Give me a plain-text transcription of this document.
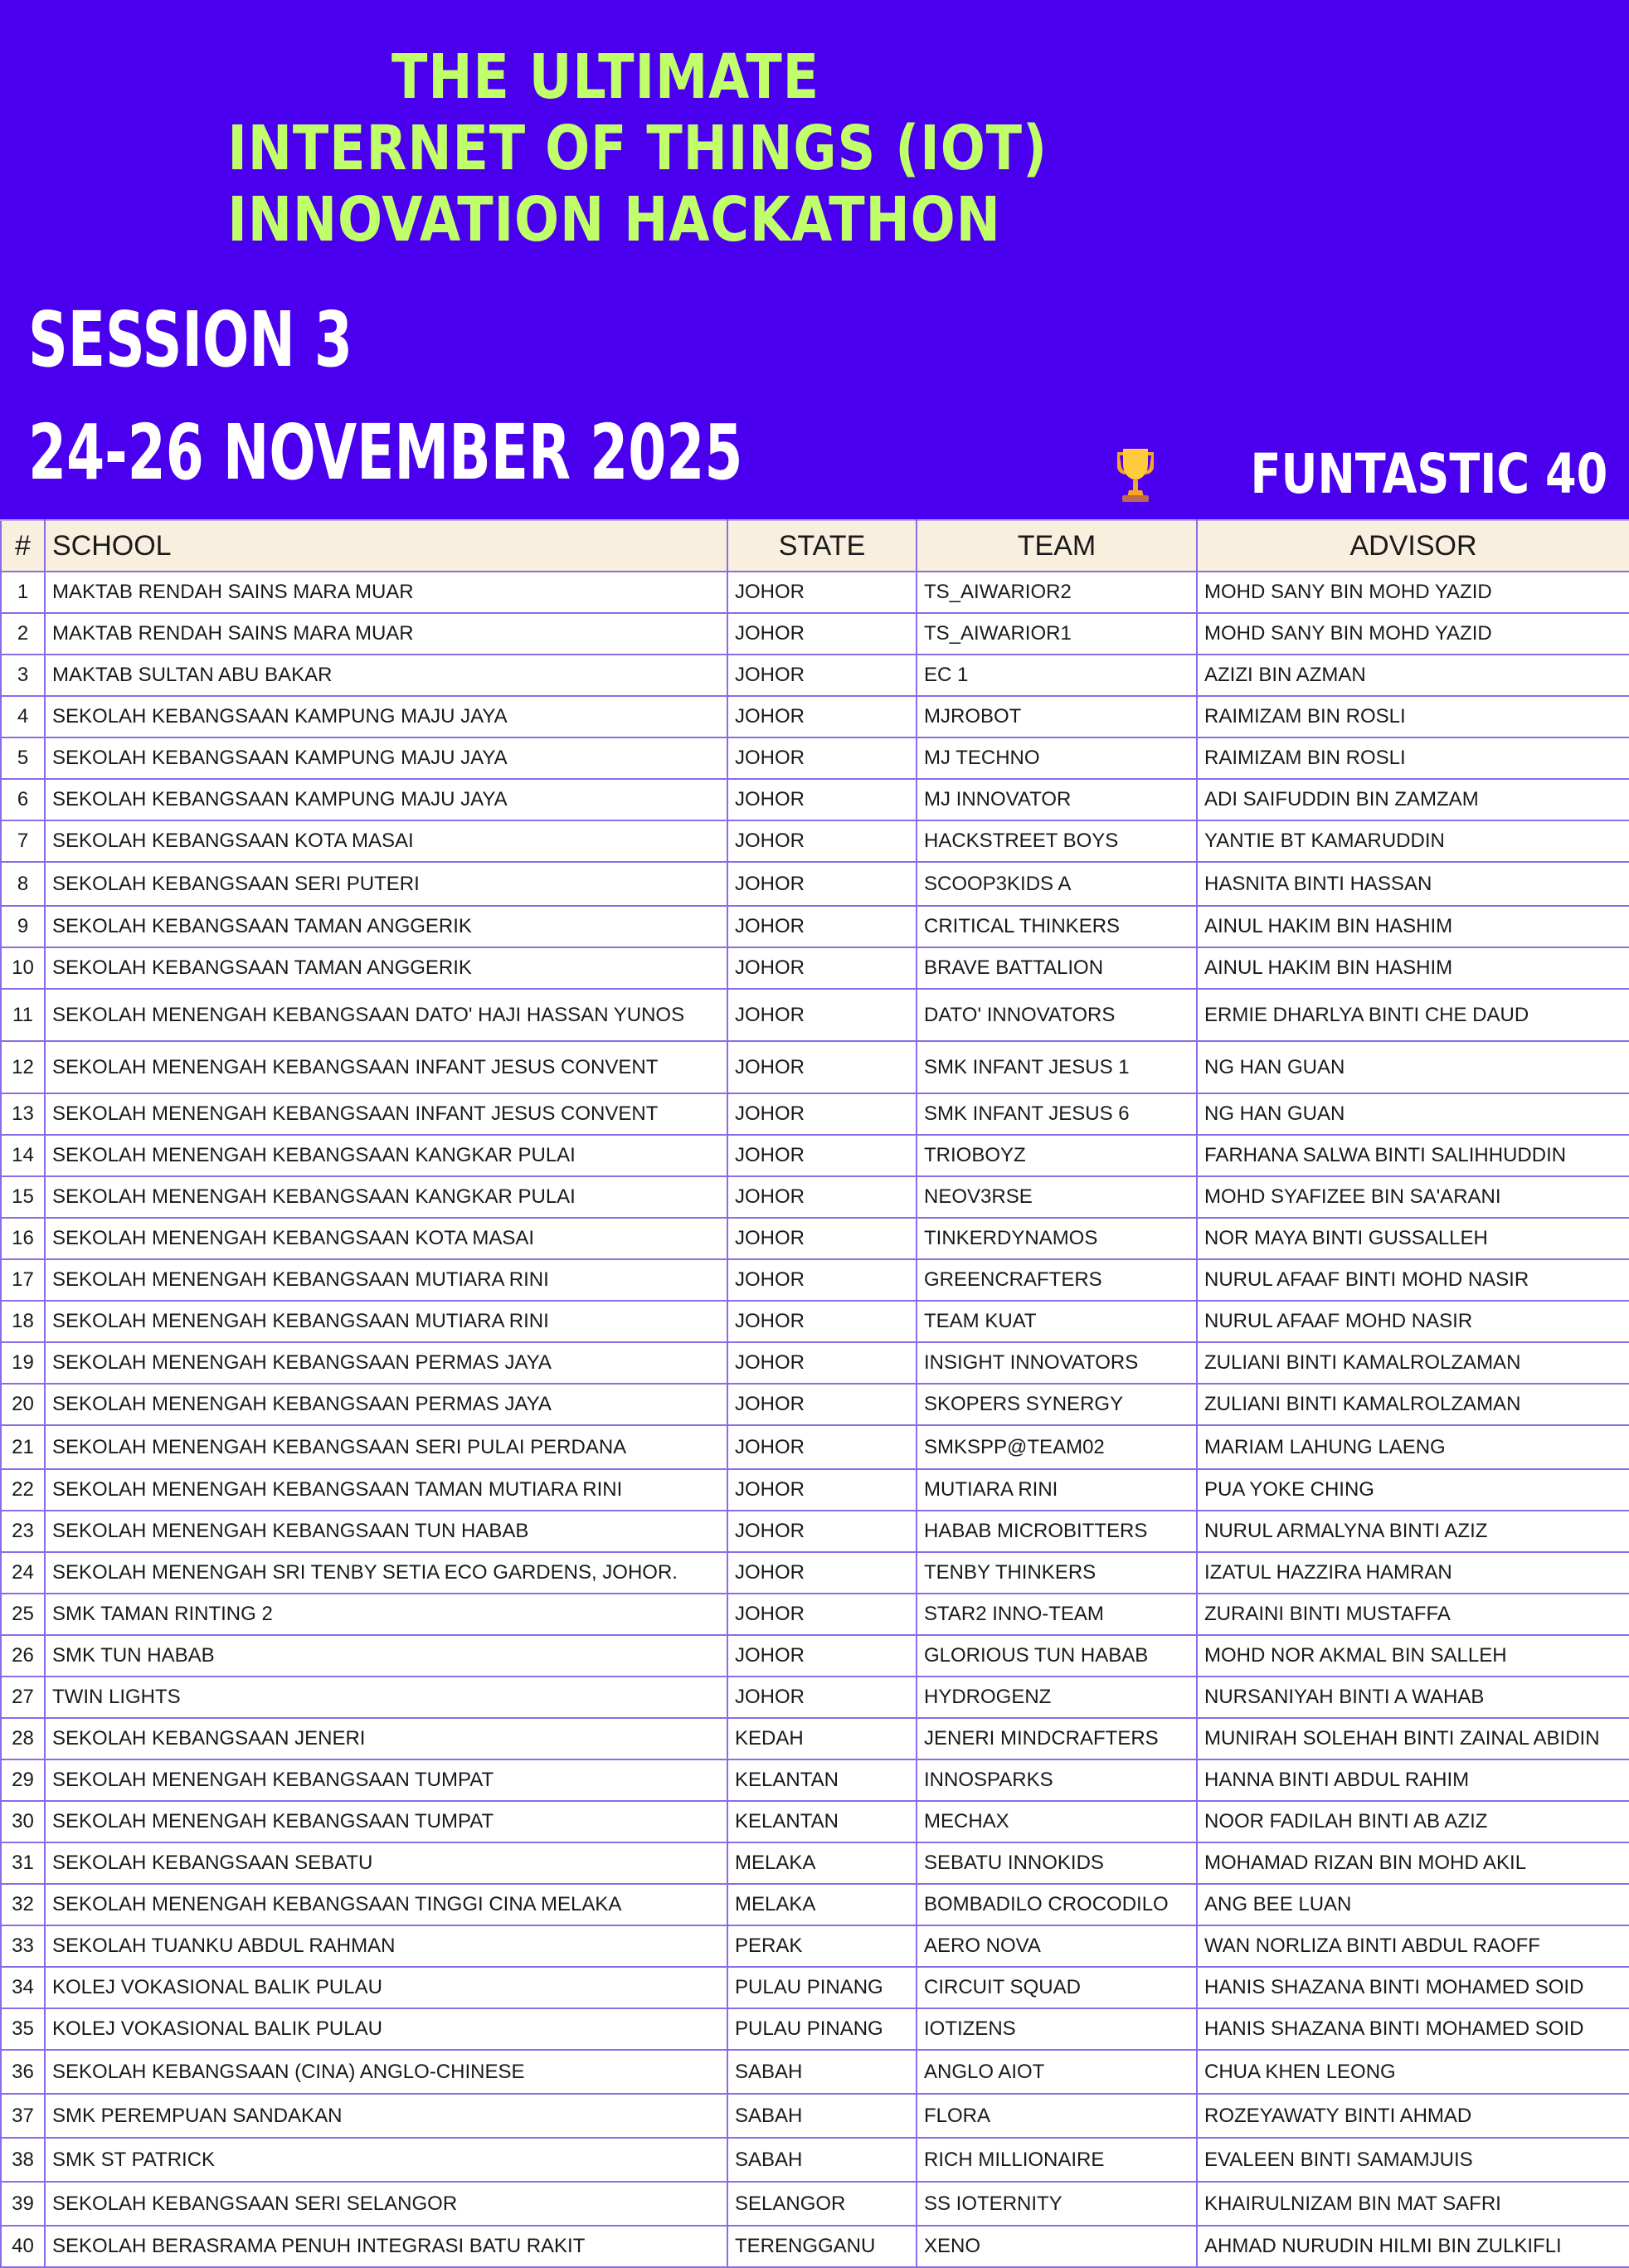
THE ULTIMATE
INTERNET OF THINGS (IOT)
INNOVATION HACKATHON
SESSION 3
24-26 NOVEMBER 2025	FUNTASTIC 40
#	SCHOOL	STATE	TEAM	ADVISOR
1	MAKTAB RENDAH SAINS MARA MUAR	JOHOR	TS_AIWARIOR2	MOHD SANY BIN MOHD YAZID
2	MAKTAB RENDAH SAINS MARA MUAR	JOHOR	TS_AIWARIOR1	MOHD SANY BIN MOHD YAZID
3	MAKTAB SULTAN ABU BAKAR	JOHOR	EC 1	AZIZI BIN AZMAN
4	SEKOLAH KEBANGSAAN KAMPUNG MAJU JAYA	JOHOR	MJROBOT	RAIMIZAM BIN ROSLI
5	SEKOLAH KEBANGSAAN KAMPUNG MAJU JAYA	JOHOR	MJ TECHNO	RAIMIZAM BIN ROSLI
6	SEKOLAH KEBANGSAAN KAMPUNG MAJU JAYA	JOHOR	MJ INNOVATOR	ADI SAIFUDDIN BIN ZAMZAM
7	SEKOLAH KEBANGSAAN KOTA MASAI	JOHOR	HACKSTREET BOYS	YANTIE BT KAMARUDDIN
8	SEKOLAH KEBANGSAAN SERI PUTERI	JOHOR	SCOOP3KIDS A	HASNITA BINTI HASSAN
9	SEKOLAH KEBANGSAAN TAMAN ANGGERIK	JOHOR	CRITICAL THINKERS	AINUL HAKIM BIN HASHIM
10	SEKOLAH KEBANGSAAN TAMAN ANGGERIK	JOHOR	BRAVE BATTALION	AINUL HAKIM BIN HASHIM
11	SEKOLAH MENENGAH KEBANGSAAN DATO' HAJI HASSAN YUNOS	JOHOR	DATO' INNOVATORS	ERMIE DHARLYA BINTI CHE DAUD
12	SEKOLAH MENENGAH KEBANGSAAN INFANT JESUS CONVENT	JOHOR	SMK INFANT JESUS 1	NG HAN GUAN
13	SEKOLAH MENENGAH KEBANGSAAN INFANT JESUS CONVENT	JOHOR	SMK INFANT JESUS 6	NG HAN GUAN
14	SEKOLAH MENENGAH KEBANGSAAN KANGKAR PULAI	JOHOR	TRIOBOYZ	FARHANA SALWA BINTI SALIHHUDDIN
15	SEKOLAH MENENGAH KEBANGSAAN KANGKAR PULAI	JOHOR	NEOV3RSE	MOHD SYAFIZEE BIN SA'ARANI
16	SEKOLAH MENENGAH KEBANGSAAN KOTA MASAI	JOHOR	TINKERDYNAMOS	NOR MAYA BINTI GUSSALLEH
17	SEKOLAH MENENGAH KEBANGSAAN MUTIARA RINI	JOHOR	GREENCRAFTERS	NURUL AFAAF BINTI MOHD NASIR
18	SEKOLAH MENENGAH KEBANGSAAN MUTIARA RINI	JOHOR	TEAM KUAT	NURUL AFAAF MOHD NASIR
19	SEKOLAH MENENGAH KEBANGSAAN PERMAS JAYA	JOHOR	INSIGHT INNOVATORS	ZULIANI BINTI KAMALROLZAMAN
20	SEKOLAH MENENGAH KEBANGSAAN PERMAS JAYA	JOHOR	SKOPERS SYNERGY	ZULIANI BINTI KAMALROLZAMAN
21	SEKOLAH MENENGAH KEBANGSAAN SERI PULAI PERDANA	JOHOR	SMKSPP@TEAM02	MARIAM LAHUNG LAENG
22	SEKOLAH MENENGAH KEBANGSAAN TAMAN MUTIARA RINI	JOHOR	MUTIARA RINI	PUA YOKE CHING
23	SEKOLAH MENENGAH KEBANGSAAN TUN HABAB	JOHOR	HABAB MICROBITTERS	NURUL ARMALYNA BINTI AZIZ
24	SEKOLAH MENENGAH SRI TENBY SETIA ECO GARDENS, JOHOR.	JOHOR	TENBY THINKERS	IZATUL HAZZIRA HAMRAN
25	SMK TAMAN RINTING 2	JOHOR	STAR2 INNO-TEAM	ZURAINI BINTI MUSTAFFA
26	SMK TUN HABAB	JOHOR	GLORIOUS TUN HABAB	MOHD NOR AKMAL BIN SALLEH
27	TWIN LIGHTS	JOHOR	HYDROGENZ	NURSANIYAH BINTI A WAHAB
28	SEKOLAH KEBANGSAAN JENERI	KEDAH	JENERI MINDCRAFTERS	MUNIRAH SOLEHAH BINTI ZAINAL ABIDIN
29	SEKOLAH MENENGAH KEBANGSAAN TUMPAT	KELANTAN	INNOSPARKS	HANNA BINTI ABDUL RAHIM
30	SEKOLAH MENENGAH KEBANGSAAN TUMPAT	KELANTAN	MECHAX	NOOR FADILAH BINTI AB AZIZ
31	SEKOLAH KEBANGSAAN SEBATU	MELAKA	SEBATU INNOKIDS	MOHAMAD RIZAN BIN MOHD AKIL
32	SEKOLAH MENENGAH KEBANGSAAN TINGGI CINA MELAKA	MELAKA	BOMBADILO CROCODILO	ANG BEE LUAN
33	SEKOLAH TUANKU ABDUL RAHMAN	PERAK	AERO NOVA	WAN NORLIZA BINTI ABDUL RAOFF
34	KOLEJ VOKASIONAL BALIK PULAU	PULAU PINANG	CIRCUIT SQUAD	HANIS SHAZANA BINTI MOHAMED SOID
35	KOLEJ VOKASIONAL BALIK PULAU	PULAU PINANG	IOTIZENS	HANIS SHAZANA BINTI MOHAMED SOID
36	SEKOLAH KEBANGSAAN (CINA) ANGLO-CHINESE	SABAH	ANGLO AIOT	CHUA KHEN LEONG
37	SMK PEREMPUAN SANDAKAN	SABAH	FLORA	ROZEYAWATY BINTI AHMAD
38	SMK ST PATRICK	SABAH	RICH MILLIONAIRE	EVALEEN BINTI SAMAMJUIS
39	SEKOLAH KEBANGSAAN SERI SELANGOR	SELANGOR	SS IOTERNITY	KHAIRULNIZAM BIN MAT SAFRI
40	SEKOLAH BERASRAMA PENUH INTEGRASI BATU RAKIT	TERENGGANU	XENO	AHMAD NURUDIN HILMI BIN ZULKIFLI
